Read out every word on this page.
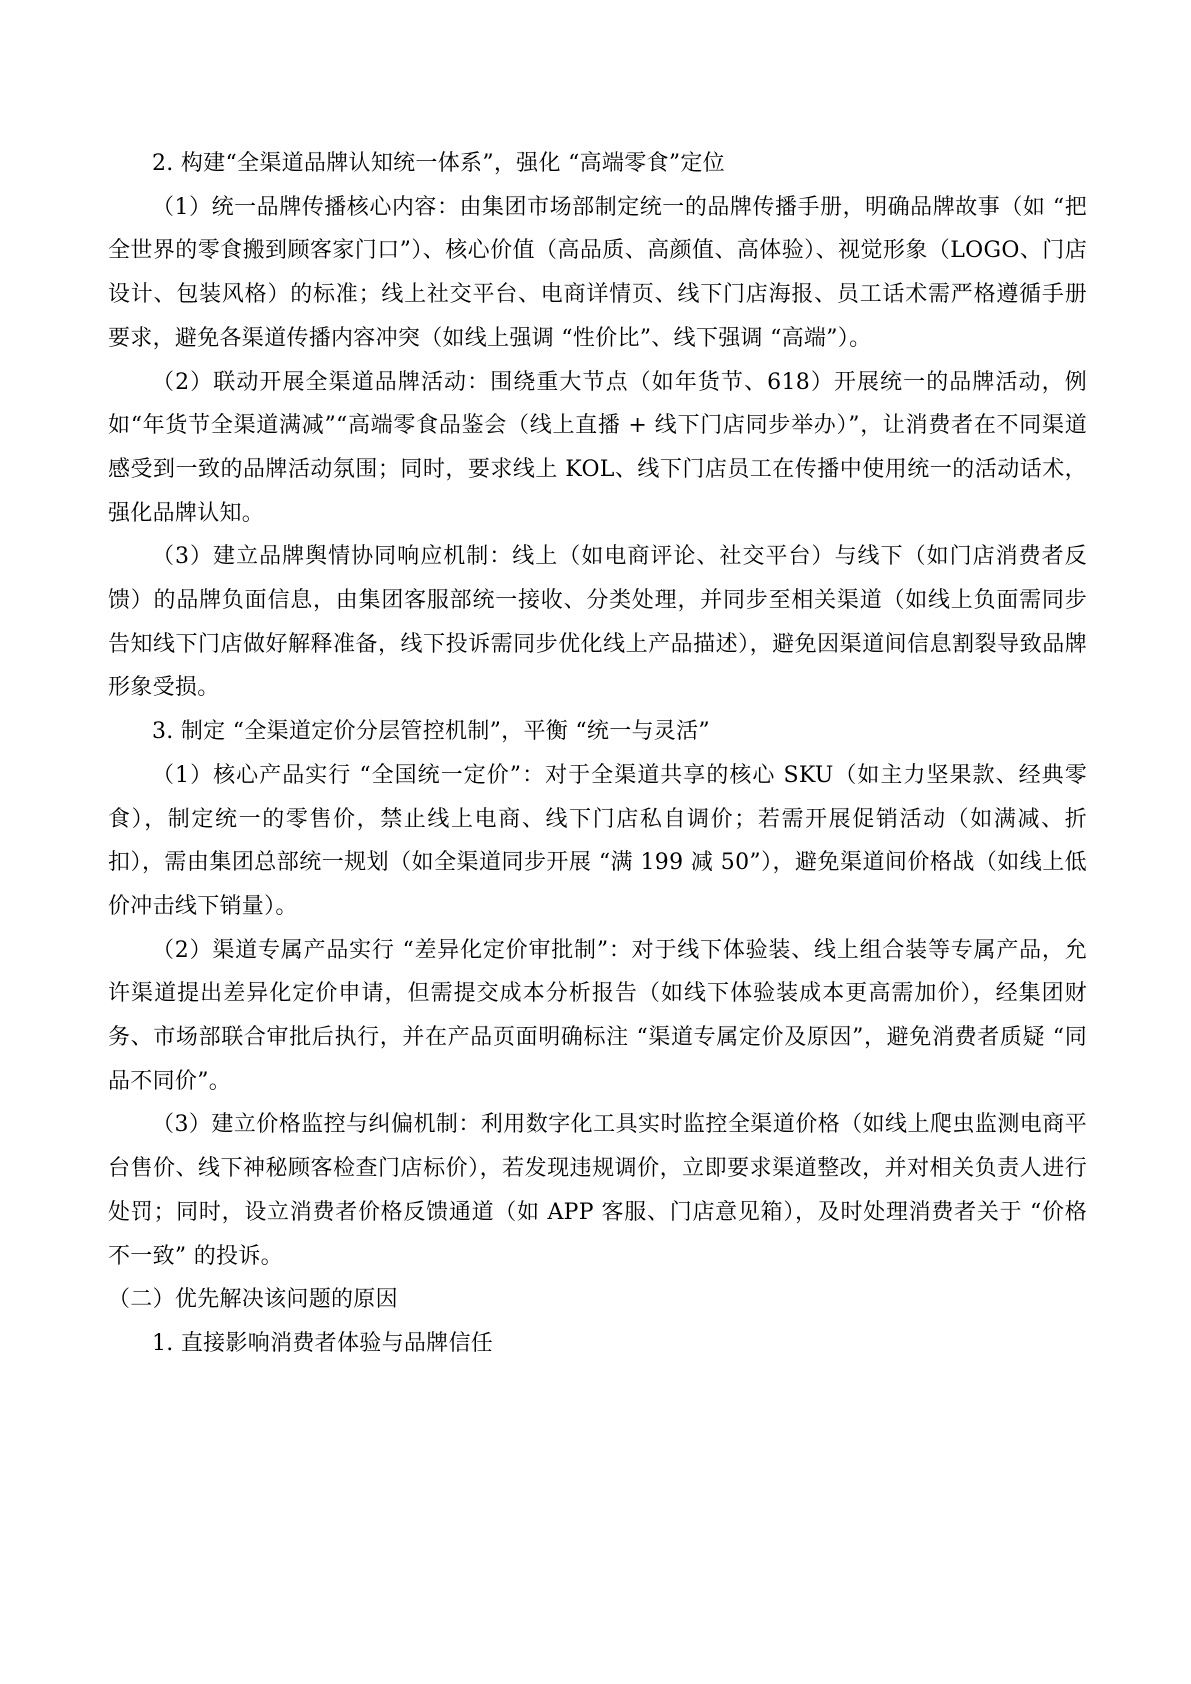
2. 构建“全渠道品牌认知统一体系”，强化 “高端零食”定位

（1）统一品牌传播核心内容：由集团市场部制定统一的品牌传播手册，明确品牌故事（如 “把全世界的零食搬到顾客家门口”）、核心价值（高品质、高颜值、高体验）、视觉形象（LOGO、门店设计、包装风格）的标准；线上社交平台、电商详情页、线下门店海报、员工话术需严格遵循手册要求，避免各渠道传播内容冲突（如线上强调 “性价比”、线下强调 “高端”）。

（2）联动开展全渠道品牌活动：围绕重大节点（如年货节、618）开展统一的品牌活动，例如“年货节全渠道满减”“高端零食品鉴会（线上直播 + 线下门店同步举办）”，让消费者在不同渠道感受到一致的品牌活动氛围；同时，要求线上 KOL、线下门店员工在传播中使用统一的活动话术，强化品牌认知。

（3）建立品牌舆情协同响应机制：线上（如电商评论、社交平台）与线下（如门店消费者反馈）的品牌负面信息，由集团客服部统一接收、分类处理，并同步至相关渠道（如线上负面需同步告知线下门店做好解释准备，线下投诉需同步优化线上产品描述），避免因渠道间信息割裂导致品牌形象受损。

3. 制定 “全渠道定价分层管控机制”，平衡 “统一与灵活”

（1）核心产品实行 “全国统一定价”：对于全渠道共享的核心 SKU（如主力坚果款、经典零食），制定统一的零售价，禁止线上电商、线下门店私自调价；若需开展促销活动（如满减、折扣），需由集团总部统一规划（如全渠道同步开展 “满 199 减 50”），避免渠道间价格战（如线上低价冲击线下销量）。

（2）渠道专属产品实行 “差异化定价审批制”：对于线下体验装、线上组合装等专属产品，允许渠道提出差异化定价申请，但需提交成本分析报告（如线下体验装成本更高需加价），经集团财务、市场部联合审批后执行，并在产品页面明确标注 “渠道专属定价及原因”，避免消费者质疑 “同品不同价”。

（3）建立价格监控与纠偏机制：利用数字化工具实时监控全渠道价格（如线上爬虫监测电商平台售价、线下神秘顾客检查门店标价），若发现违规调价，立即要求渠道整改，并对相关负责人进行处罚；同时，设立消费者价格反馈通道（如 APP 客服、门店意见箱），及时处理消费者关于 “价格不一致” 的投诉。

（二）优先解决该问题的原因

1. 直接影响消费者体验与品牌信任
